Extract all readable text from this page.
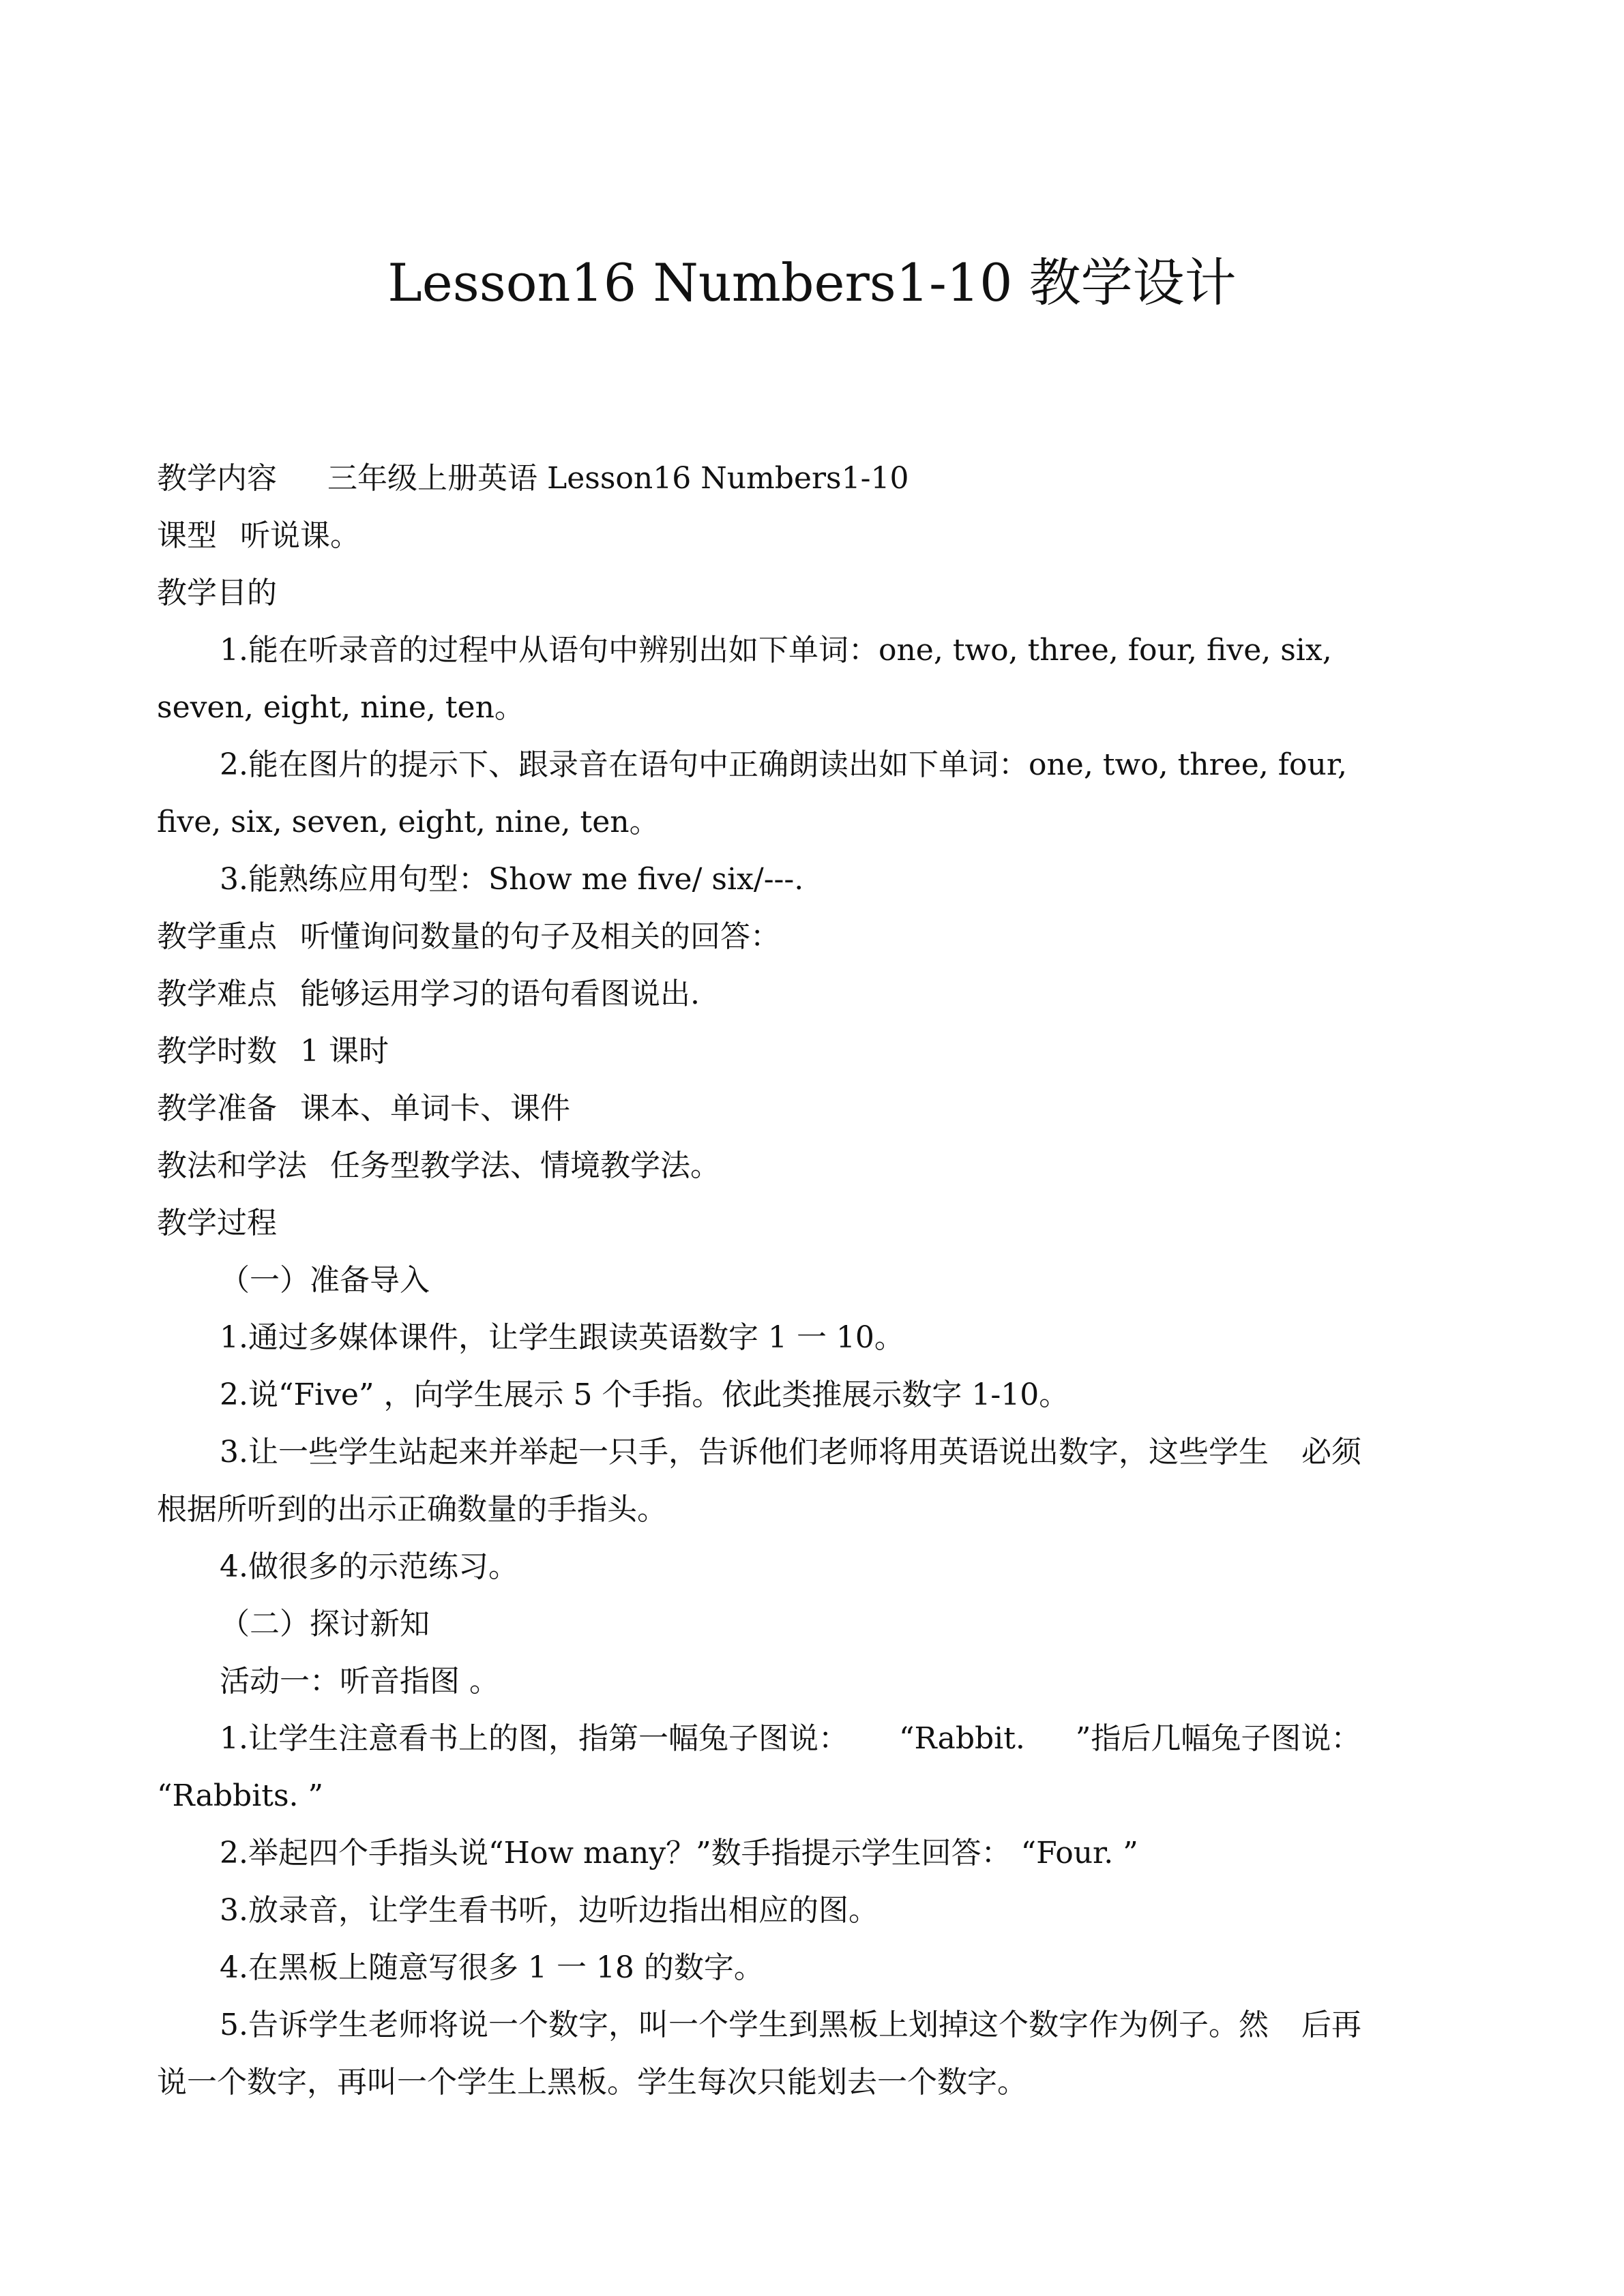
Lesson16 Numbers1-10 教学设计
教学内容 三年级上册英语 Lesson16 Numbers1-10
课型 听说课。
教学目的
1.能在听录音的过程中从语句中辨别出如下单词：one, two, three, four, five, six,
seven, eight, nine, ten。
2.能在图片的提示下、跟录音在语句中正确朗读出如下单词：one, two, three, four,
five, six, seven, eight, nine, ten。
3.能熟练应用句型：Show me five/ six/---.
教学重点 听懂询问数量的句子及相关的回答：
教学难点 能够运用学习的语句看图说出.
教学时数 1 课时
教学准备 课本、单词卡、课件
教法和学法 任务型教学法、情境教学法。
教学过程
（一）准备导入
1.通过多媒体课件，让学生跟读英语数字 1 一 10。
2.说“Five” ，向学生展示 5 个手指。依此类推展示数字 1-10。
3.让一些学生站起来并举起一只手，告诉他们老师将用英语说出数字，这些学生 必须
根据所听到的出示正确数量的手指头。
4.做很多的示范练习。
（二）探讨新知
活动一：听音指图 。
1.让学生注意看书上的图，指第一幅兔子图说： “Rabbit. ”指后几幅兔子图说：
“Rabbits. ”
2.举起四个手指头说“How many？”数手指提示学生回答： “Four. ”
3.放录音，让学生看书听，边听边指出相应的图。
4.在黑板上随意写很多 1 一 18 的数字。
5.告诉学生老师将说一个数字，叫一个学生到黑板上划掉这个数字作为例子。然 后再
说一个数字，再叫一个学生上黑板。学生每次只能划去一个数字。
